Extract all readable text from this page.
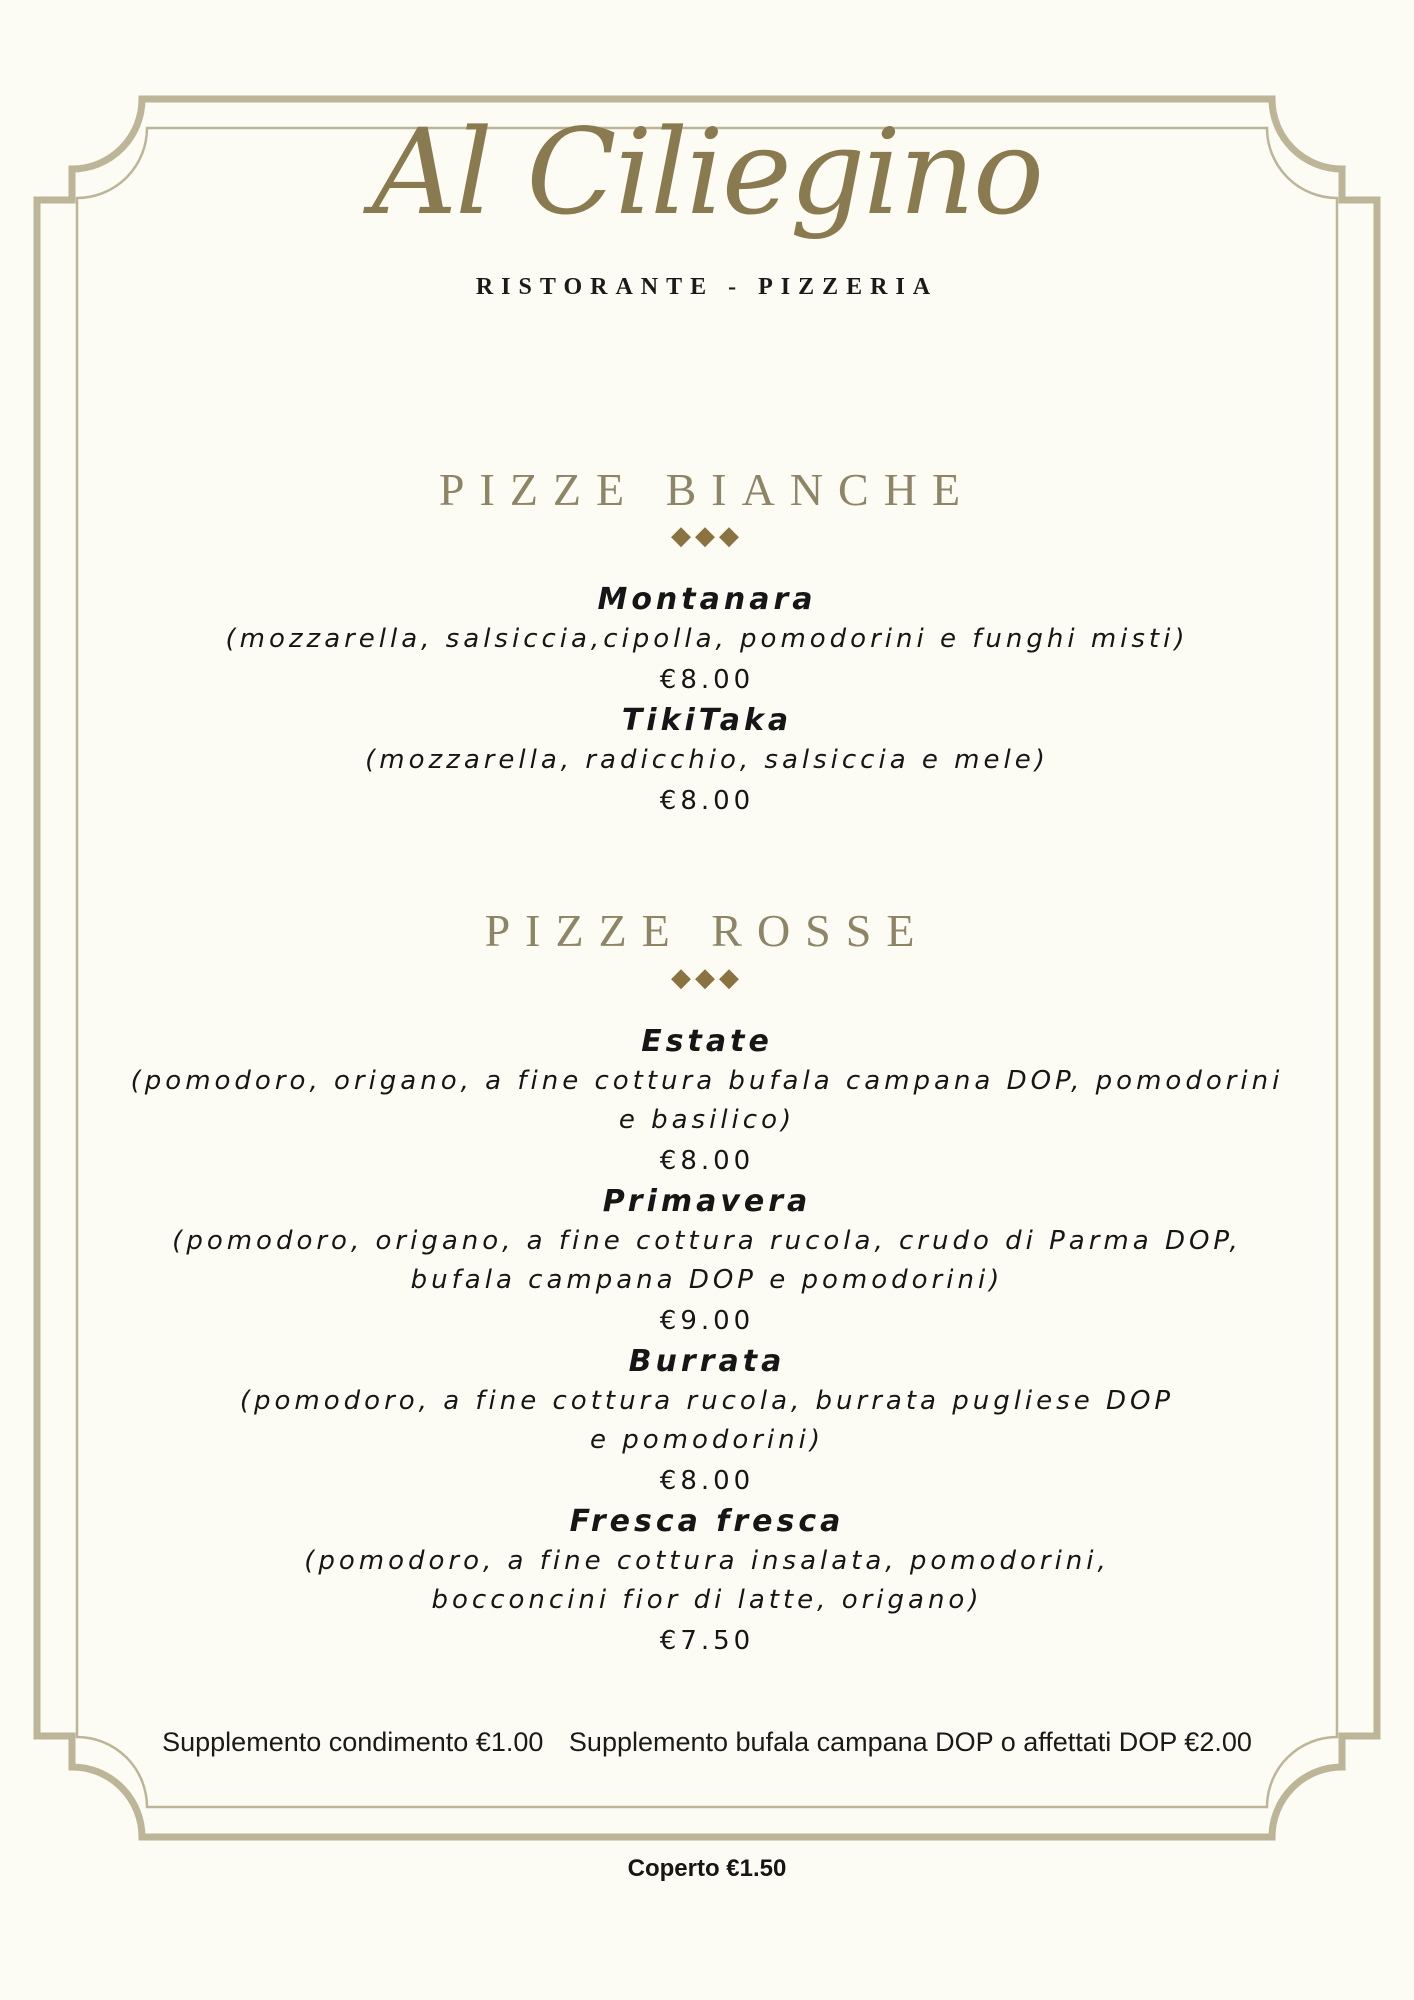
Al Ciliegino
RISTORANTE - PIZZERIA
PIZZE BIANCHE
◆◆◆
Montanara
(mozzarella, salsiccia,cipolla, pomodorini e funghi misti)
€8.00
TikiTaka
(mozzarella, radicchio, salsiccia e mele)
€8.00
PIZZE ROSSE
◆◆◆
Estate
(pomodoro, origano, a fine cottura bufala campana DOP, pomodorini
e basilico)
€8.00
Primavera
(pomodoro, origano, a fine cottura rucola, crudo di Parma DOP,
bufala campana DOP e pomodorini)
€9.00
Burrata
(pomodoro, a fine cottura rucola, burrata pugliese DOP
e pomodorini)
€8.00
Fresca fresca
(pomodoro, a fine cottura insalata, pomodorini,
bocconcini fior di latte, origano)
€7.50
Supplemento condimento €1.00 Supplemento bufala campana DOP o affettati DOP €2.00
Coperto €1.50
